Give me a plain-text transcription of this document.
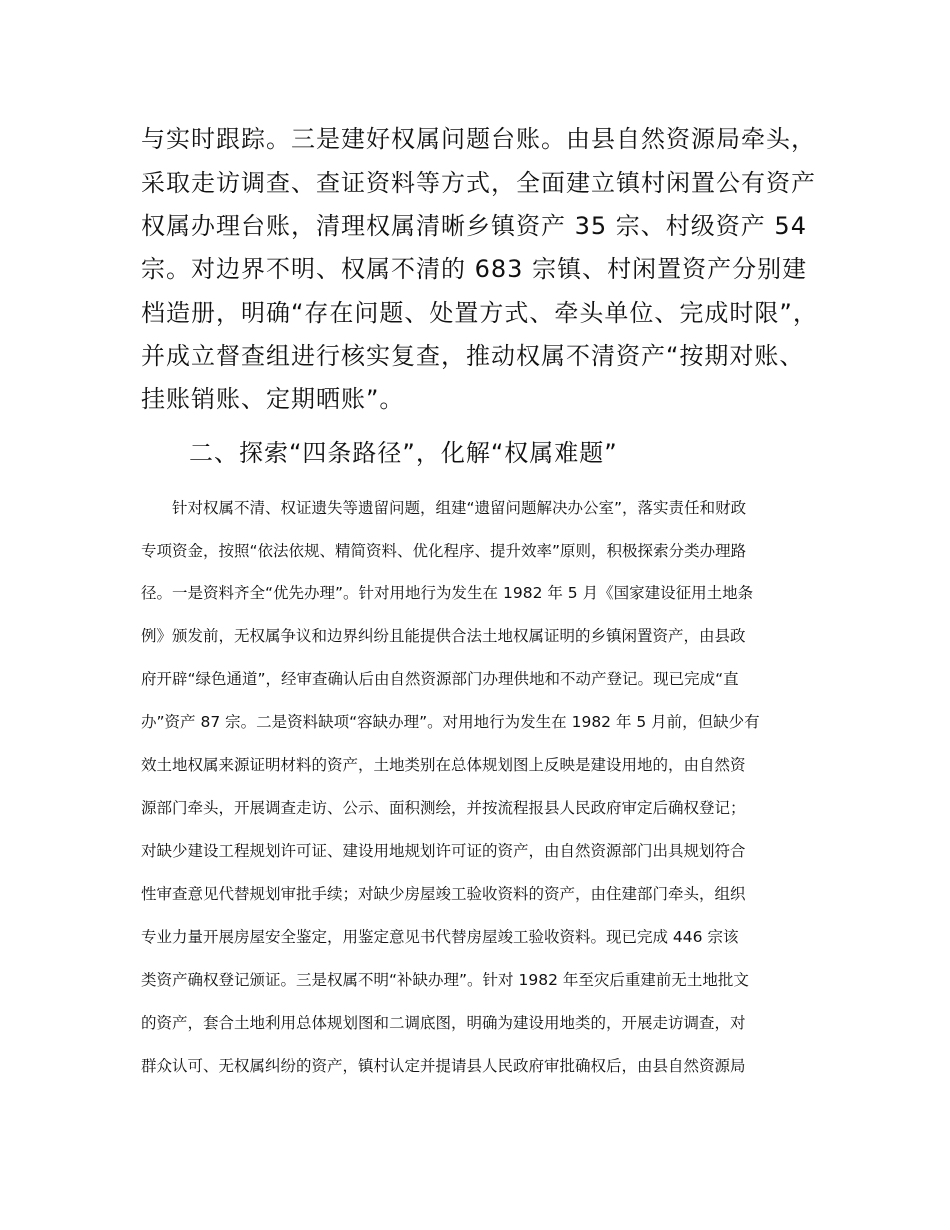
与实时跟踪。三是建好权属问题台账。由县自然资源局牵头，
采取走访调查、查证资料等方式，全面建立镇村闲置公有资产
权属办理台账，清理权属清晰乡镇资产 35 宗、村级资产 54
宗。对边界不明、权属不清的 683 宗镇、村闲置资产分别建
档造册，明确“存在问题、处置方式、牵头单位、完成时限”，
并成立督查组进行核实复查，推动权属不清资产“按期对账、
挂账销账、定期晒账”。
二、探索“四条路径”，化解“权属难题”
针对权属不清、权证遗失等遗留问题，组建“遗留问题解决办公室”，落实责任和财政
专项资金，按照“依法依规、精简资料、优化程序、提升效率”原则，积极探索分类办理路
径。一是资料齐全“优先办理”。针对用地行为发生在 1982 年 5 月《国家建设征用土地条
例》颁发前，无权属争议和边界纠纷且能提供合法土地权属证明的乡镇闲置资产，由县政
府开辟“绿色通道”，经审查确认后由自然资源部门办理供地和不动产登记。现已完成“直
办”资产 87 宗。二是资料缺项“容缺办理”。对用地行为发生在 1982 年 5 月前，但缺少有
效土地权属来源证明材料的资产，土地类别在总体规划图上反映是建设用地的，由自然资
源部门牵头，开展调查走访、公示、面积测绘，并按流程报县人民政府审定后确权登记；
对缺少建设工程规划许可证、建设用地规划许可证的资产，由自然资源部门出具规划符合
性审查意见代替规划审批手续；对缺少房屋竣工验收资料的资产，由住建部门牵头，组织
专业力量开展房屋安全鉴定，用鉴定意见书代替房屋竣工验收资料。现已完成 446 宗该
类资产确权登记颁证。三是权属不明“补缺办理”。针对 1982 年至灾后重建前无土地批文
的资产，套合土地利用总体规划图和二调底图，明确为建设用地类的，开展走访调查，对
群众认可、无权属纠纷的资产，镇村认定并提请县人民政府审批确权后，由县自然资源局
